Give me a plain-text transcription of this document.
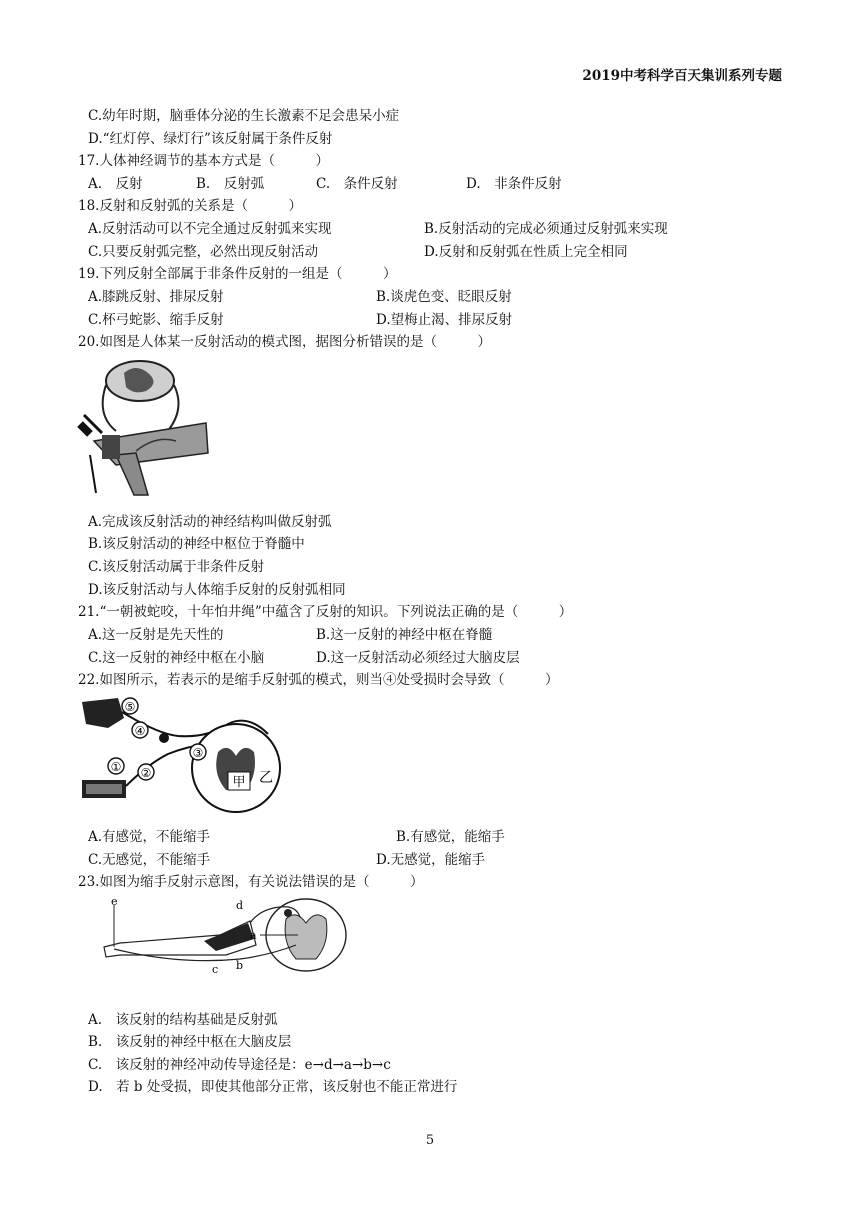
2019中考科学百天集训系列专题
C.幼年时期，脑垂体分泌的生长激素不足会患呆小症
D.“红灯停、绿灯行”该反射属于条件反射
17.人体神经调节的基本方式是（　　　）
A.　反射	B.　反射弧	C.　条件反射	D.　非条件反射
18.反射和反射弧的关系是（　　　）
A.反射活动可以不完全通过反射弧来实现	B.反射活动的完成必须通过反射弧来实现
C.只要反射弧完整，必然出现反射活动	D.反射和反射弧在性质上完全相同
19.下列反射全部属于非条件反射的一组是（　　　）
A.膝跳反射、排尿反射	B.谈虎色变、眨眼反射
C.杯弓蛇影、缩手反射	D.望梅止渴、排尿反射
20.如图是人体某一反射活动的模式图，据图分析错误的是（　　　）
A.完成该反射活动的神经结构叫做反射弧
B.该反射活动的神经中枢位于脊髓中
C.该反射活动属于非条件反射
D.该反射活动与人体缩手反射的反射弧相同
21.“一朝被蛇咬，十年怕井绳”中蕴含了反射的知识。下列说法正确的是（　　　）
A.这一反射是先天性的	B.这一反射的神经中枢在脊髓
C.这一反射的神经中枢在小脑	D.这一反射活动必须经过大脑皮层
22.如图所示，若表示的是缩手反射弧的模式，则当④处受损时会导致（　　　）
⑤
④
③
②
①
甲 乙
A.有感觉，不能缩手	B.有感觉，能缩手
C.无感觉，不能缩手	D.无感觉，能缩手
23.如图为缩手反射示意图，有关说法错误的是（　　　）
e	d
a
b
c
A.　该反射的结构基础是反射弧
B.　该反射的神经中枢在大脑皮层
C.　该反射的神经冲动传导途径是：e→d→a→b→c
D.　若 b 处受损，即使其他部分正常，该反射也不能正常进行
5
